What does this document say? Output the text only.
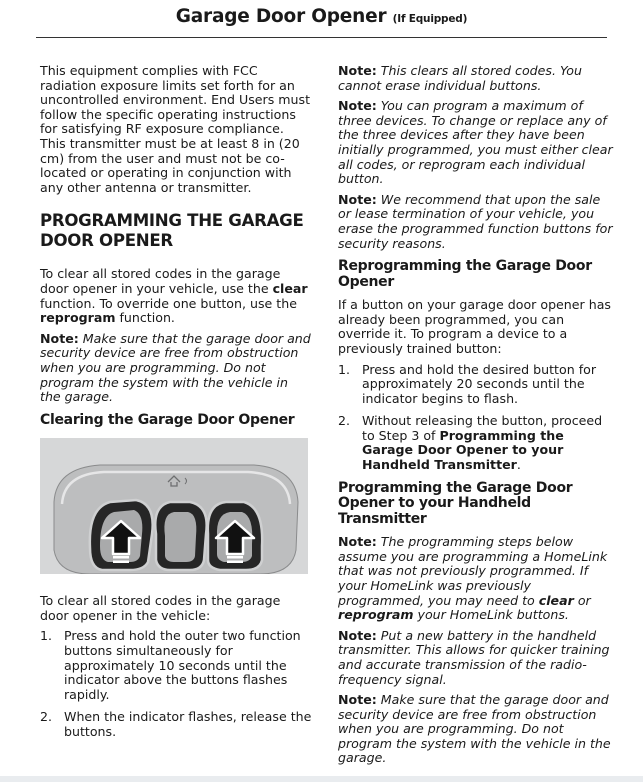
Garage Door Opener (If Equipped)

This equipment complies with FCC radiation exposure limits set forth for an uncontrolled environment. End Users must follow the specific operating instructions for satisfying RF exposure compliance. This transmitter must be at least 8 in (20 cm) from the user and must not be co-located or operating in conjunction with any other antenna or transmitter.

PROGRAMMING THE GARAGE DOOR OPENER

To clear all stored codes in the garage door opener in your vehicle, use the clear function. To override one button, use the reprogram function.

Note: Make sure that the garage door and security device are free from obstruction when you are programming. Do not program the system with the vehicle in the garage.

Clearing the Garage Door Opener

To clear all stored codes in the garage door opener in the vehicle:

1. Press and hold the outer two function buttons simultaneously for approximately 10 seconds until the indicator above the buttons flashes rapidly.
2. When the indicator flashes, release the buttons.

Note: This clears all stored codes. You cannot erase individual buttons.

Note: You can program a maximum of three devices. To change or replace any of the three devices after they have been initially programmed, you must either clear all codes, or reprogram each individual button.

Note: We recommend that upon the sale or lease termination of your vehicle, you erase the programmed function buttons for security reasons.

Reprogramming the Garage Door Opener

If a button on your garage door opener has already been programmed, you can override it. To program a device to a previously trained button:

1. Press and hold the desired button for approximately 20 seconds until the indicator begins to flash.
2. Without releasing the button, proceed to Step 3 of Programming the Garage Door Opener to your Handheld Transmitter.
Programming the Garage Door Opener to your Handheld Transmitter

Note: The programming steps below assume you are programming a HomeLink that was not previously programmed. If your HomeLink was previously programmed, you may need to clear or reprogram your HomeLink buttons.

Note: Put a new battery in the handheld transmitter. This allows for quicker training and accurate transmission of the radio-frequency signal.

Note: Make sure that the garage door and security device are free from obstruction when you are programming. Do not program the system with the vehicle in the garage.
